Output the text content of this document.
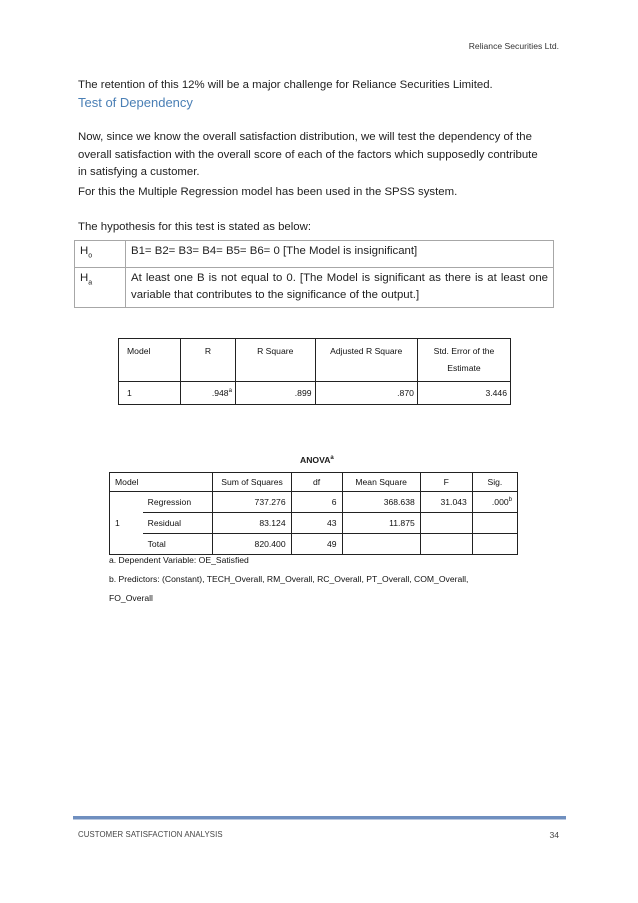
Reliance Securities Ltd.
The retention of this 12% will be a major challenge for Reliance Securities Limited.
Test of Dependency
Now, since we know the overall satisfaction distribution, we will test the dependency of the
overall satisfaction with the overall score of each of the factors which supposedly contribute
in satisfying a customer.
For this the Multiple Regression model has been used in the SPSS system.
The hypothesis for this test is stated as below:
$H_o$	B1= B2= B3= B4= B5= B6= 0 [The Model is insignificant]
$H_a$	At least one B is not equal to 0. [The Model is significant as there is at least one variable that contributes to the significance of the output.]
Model	R	R Square	Adjusted R Square	Std. Error of the Estimate
1	.948$^a$	.899	.870	3.446
ANOVA$^a$
Model		Sum of Squares	df	Mean Square	F	Sig.
1	Regression	737.276	6	368.638	31.043	.000$^b$
	Residual	83.124	43	11.875		
	Total	820.400	49			
a. Dependent Variable: OE_Satisfied
b. Predictors: (Constant), TECH_Overall, RM_Overall, RC_Overall, PT_Overall, COM_Overall,
FO_Overall
CUSTOMER SATISFACTION ANALYSIS	34
